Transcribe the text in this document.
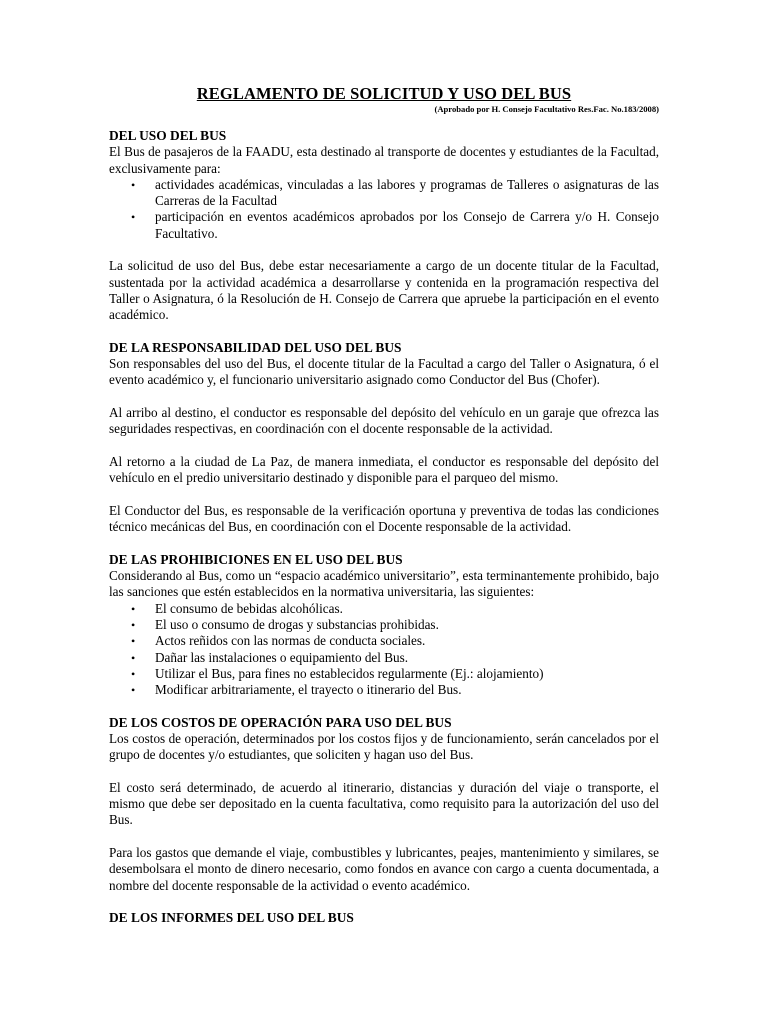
REGLAMENTO DE SOLICITUD Y USO DEL BUS
(Aprobado por H. Consejo Facultativo Res.Fac. No.183/2008)
DEL USO DEL BUS

El Bus de pasajeros de la FAADU, esta destinado al transporte de docentes y estudiantes de la Facultad, exclusivamente para:

• actividades académicas, vinculadas a las labores y programas de Talleres o asignaturas de las Carreras de la Facultad
• participación en eventos académicos aprobados por los Consejo de Carrera y/o H. Consejo Facultativo.

La solicitud de uso del Bus, debe estar necesariamente a cargo de un docente titular de la Facultad, sustentada por la actividad académica a desarrollarse y contenida en la programación respectiva del Taller o Asignatura, ó la Resolución de H. Consejo de Carrera que apruebe la participación en el evento académico.

DE LA RESPONSABILIDAD DEL USO DEL BUS

Son responsables del uso del Bus, el docente titular de la Facultad a cargo del Taller o Asignatura, ó el evento académico y, el funcionario universitario asignado como Conductor del Bus (Chofer).

Al arribo al destino, el conductor es responsable del depósito del vehículo en un garaje que ofrezca las seguridades respectivas, en coordinación con el docente responsable de la actividad.

Al retorno a la ciudad de La Paz, de manera inmediata, el conductor es responsable del depósito del vehículo en el predio universitario destinado y disponible para el parqueo del mismo.

El Conductor del Bus, es responsable de la verificación oportuna y preventiva de todas las condiciones técnico mecánicas del Bus, en coordinación con el Docente responsable de la actividad.

DE LAS PROHIBICIONES EN EL USO DEL BUS

Considerando al Bus, como un “espacio académico universitario”, esta terminantemente prohibido, bajo las sanciones que estén establecidos en la normativa universitaria, las siguientes:

• El consumo de bebidas alcohólicas.
• El uso o consumo de drogas y substancias prohibidas.
• Actos reñidos con las normas de conducta sociales.
• Dañar las instalaciones o equipamiento del Bus.
• Utilizar el Bus, para fines no establecidos regularmente (Ej.: alojamiento)
• Modificar arbitrariamente, el trayecto o itinerario del Bus.
DE LOS COSTOS DE OPERACIÓN PARA USO DEL BUS

Los costos de operación, determinados por los costos fijos y de funcionamiento, serán cancelados por el grupo de docentes y/o estudiantes, que soliciten y hagan uso del Bus.

El costo será determinado, de acuerdo al itinerario, distancias y duración del viaje o transporte, el mismo que debe ser depositado en la cuenta facultativa, como requisito para la autorización del uso del Bus.

Para los gastos que demande el viaje, combustibles y lubricantes, peajes, mantenimiento y similares, se desembolsara el monto de dinero necesario, como fondos en avance con cargo a cuenta documentada, a nombre del docente responsable de la actividad o evento académico.

DE LOS INFORMES DEL USO DEL BUS
